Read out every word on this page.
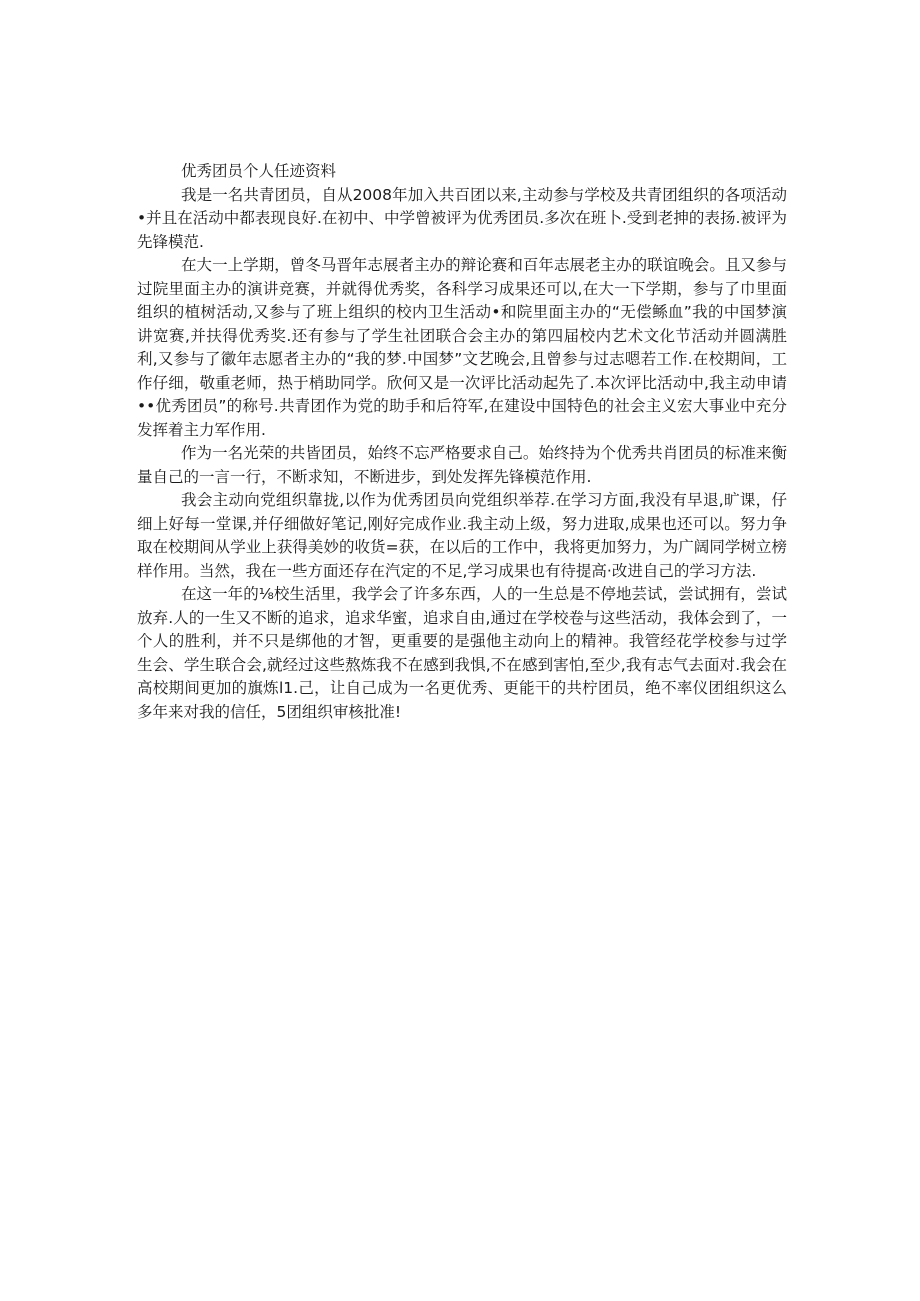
优秀团员个人任迹资料

我是一名共青团员，自从2008年加入共百团以来,主动参与学校及共青团组织的各项活动•并且在活动中都表现良好.在初中、中学曾被评为优秀团员.多次在班卜.受到老抻的表扬.被评为先锋模范.

在大一上学期，曾冬马晋年志展者主办的辩论赛和百年志展老主办的联谊晚会。且又参与过院里面主办的演讲竞赛，并就得优秀奖，各科学习成果还可以,在大一下学期，参与了巾里面组织的植树活动,又参与了班上组织的校内卫生活动•和院里面主办的“无偿鲧血”我的中国梦演讲宽赛,并扶得优秀奖.还有参与了学生社团联合会主办的第四届校内艺术文化节活动并圆满胜利,又参与了徽年志愿者主办的“我的梦.中国梦”文艺晚会,且曾参与过志嗯若工作.在校期间，工作仔细，敬重老师，热于梢助同学。欣何又是一次评比活动起先了.本次评比活动中,我主动申请••优秀团员”的称号.共青团作为党的助手和后符军,在建设中国特色的社会主义宏大事业中充分发挥着主力军作用.

作为一名光荣的共皆团员，始终不忘严格要求自己。始终持为个优秀共肖团员的标准来衡量自己的一言一行，不断求知，不断进步，到处发挥先锋模范作用.

我会主动向党组织靠拢,以作为优秀团员向党组织举荐.在学习方面,我没有早退,旷课，仔细上好每一堂课,并仔细做好笔记,刚好完成作业.我主动上级，努力进取,成果也还可以。努力争取在校期间从学业上获得美妙的收货=获，在以后的工作中，我将更加努力，为广阔同学树立榜样作用。当然，我在一些方面还存在汽定的不足,学习成果也有待提高·改进自己的学习方法.

在这一年的⅛校生活里，我学会了许多东西，人的一生总是不停地芸试，尝试拥有，尝试放弃.人的一生又不断的追求，追求华蜜，追求自由,通过在学校卷与这些活动，我体会到了，一个人的胜利，并不只是绑他的才智，更重要的是强他主动向上的精神。我管经花学校参与过学生会、学生联合会,就经过这些熬炼我不在感到我惧,不在感到害怕,至少,我有志气去面对.我会在高校期间更加的旗炼l1.己，让自己成为一名更优秀、更能干的共柠团员，绝不率仪团组织这么多年来对我的信任，5团组织审核批准!
